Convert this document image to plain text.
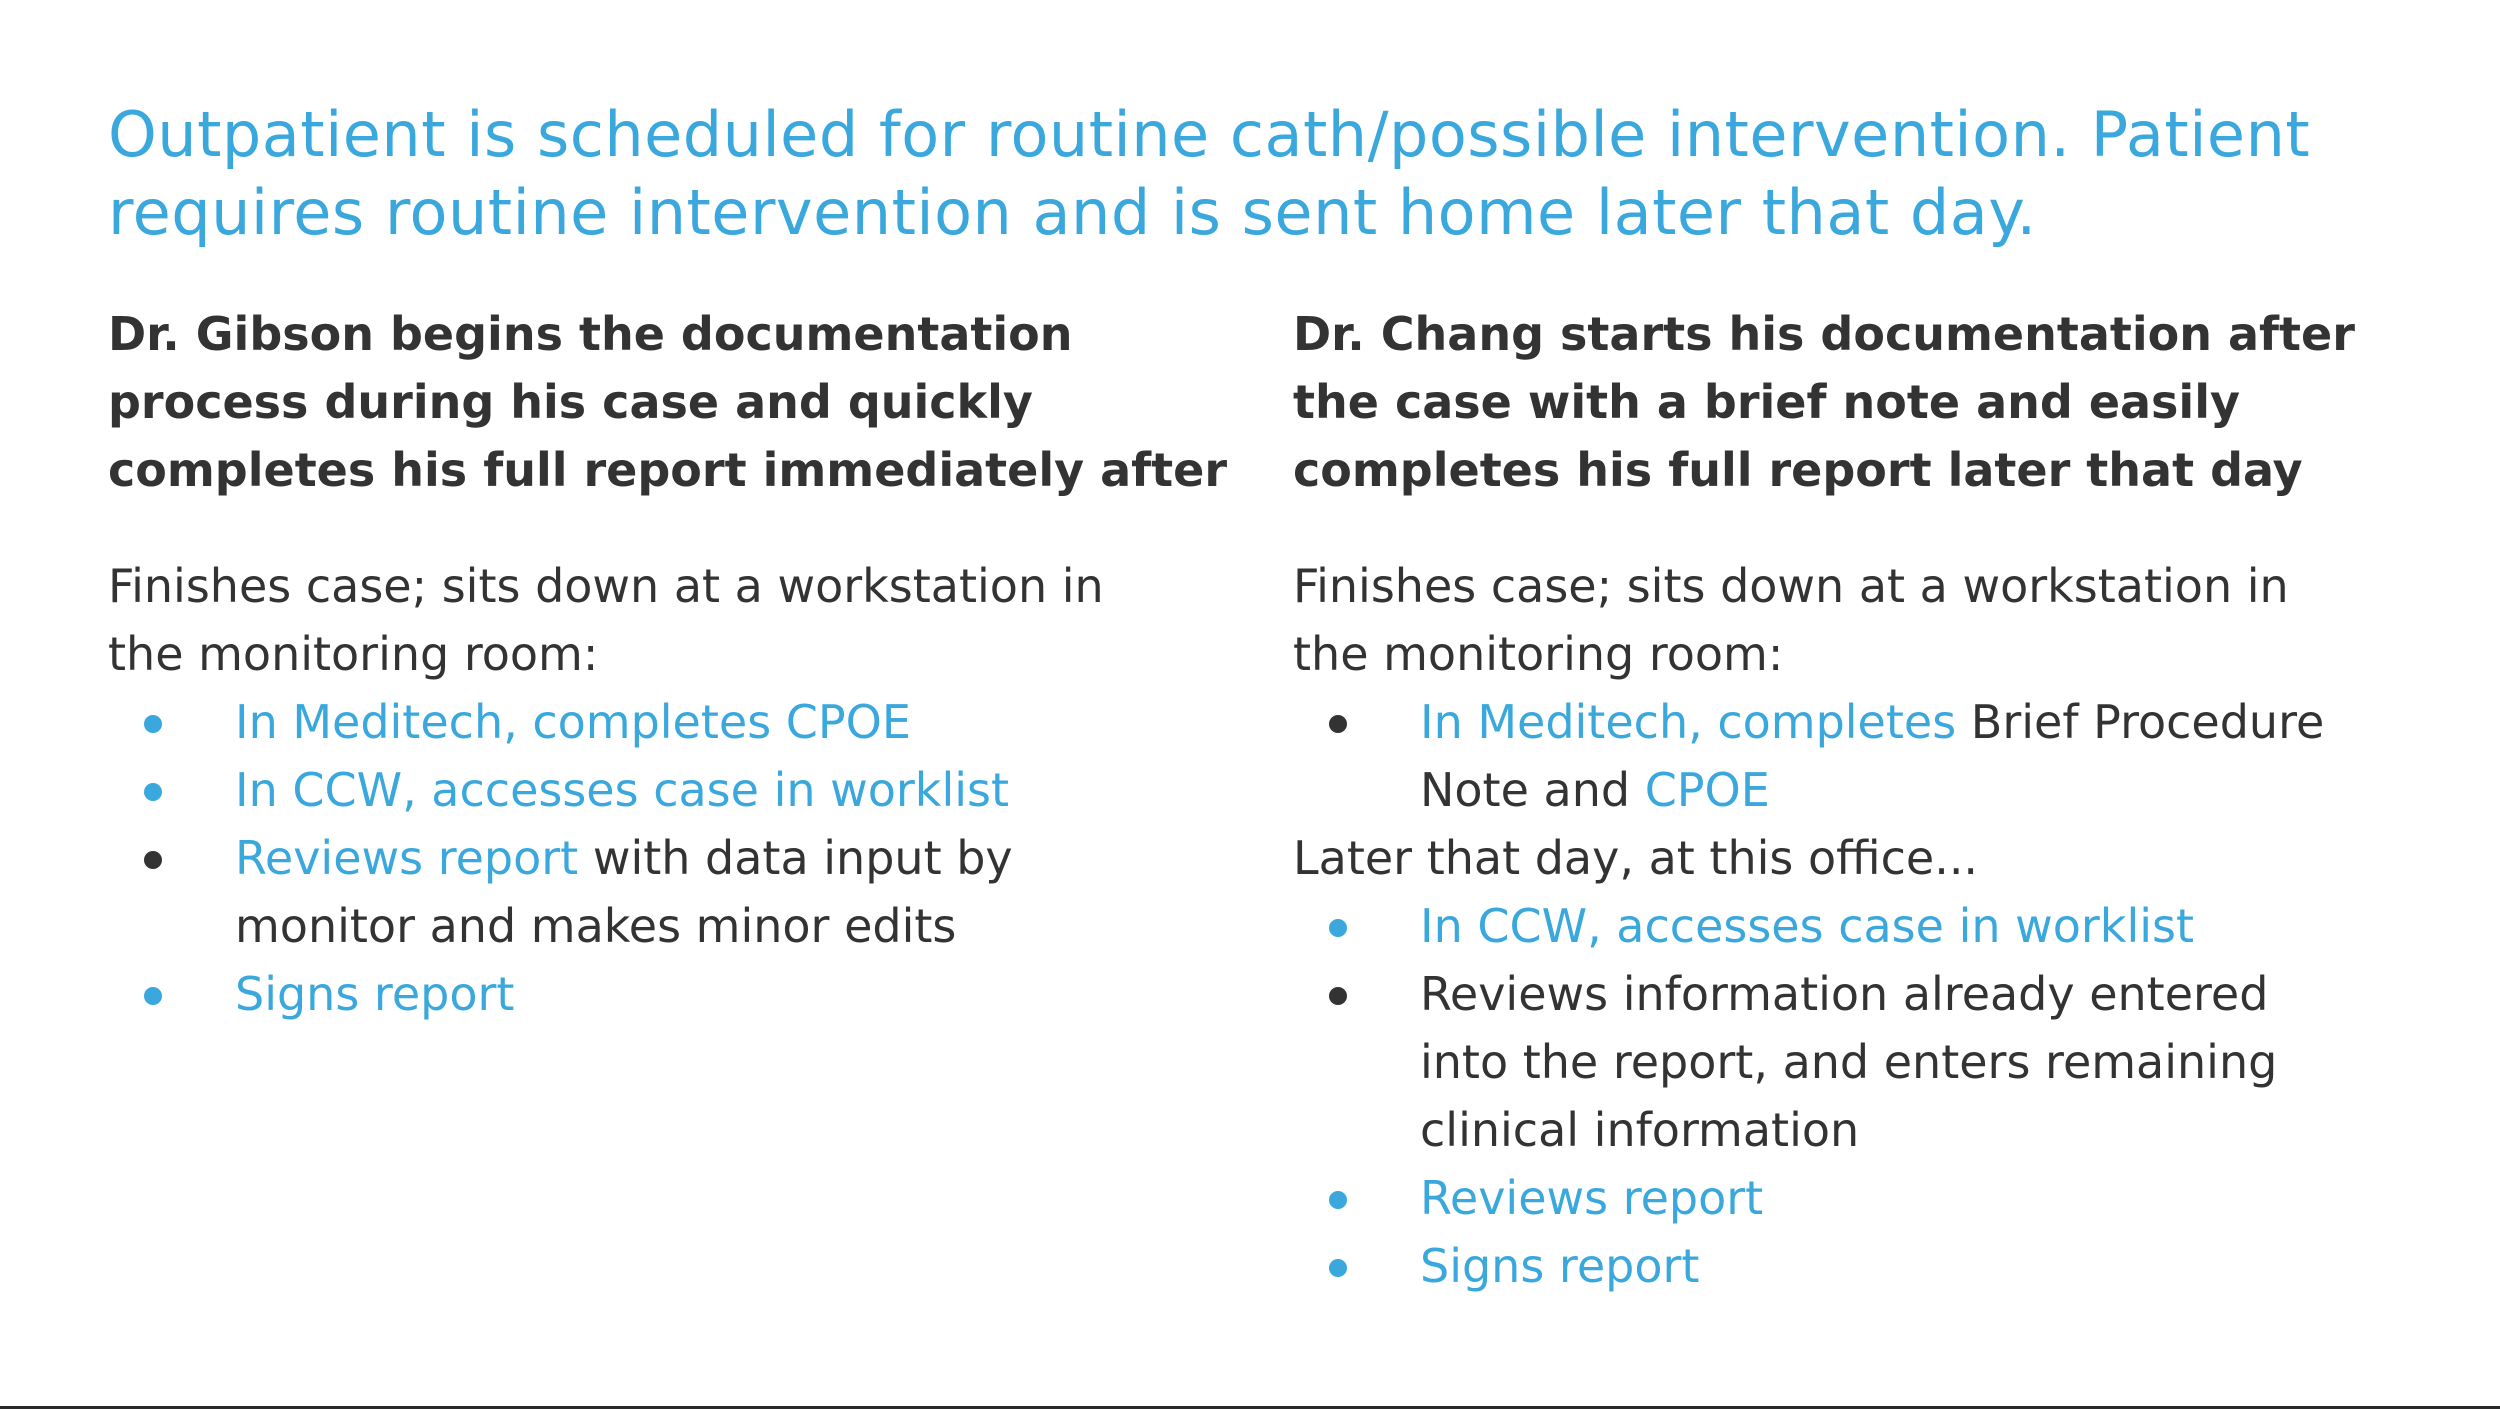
Outpatient is scheduled for routine cath/possible intervention. Patient
requires routine intervention and is sent home later that day.
Dr. Gibson begins the documentation
process during his case and quickly
completes his full report immediately after

Finishes case; sits down at a workstation in
the monitoring room:

In Meditech, completes CPOE
In CCW, accesses case in worklist
Reviews report with data input by
monitor and makes minor edits
Signs report
Dr. Chang starts his documentation after
the case with a brief note and easily
completes his full report later that day

Finishes case; sits down at a workstation in
the monitoring room:

In Meditech, completes Brief Procedure
Note and CPOE

Later that day, at this office...

In CCW, accesses case in worklist
Reviews information already entered
into the report, and enters remaining
clinical information
Reviews report
Signs report
